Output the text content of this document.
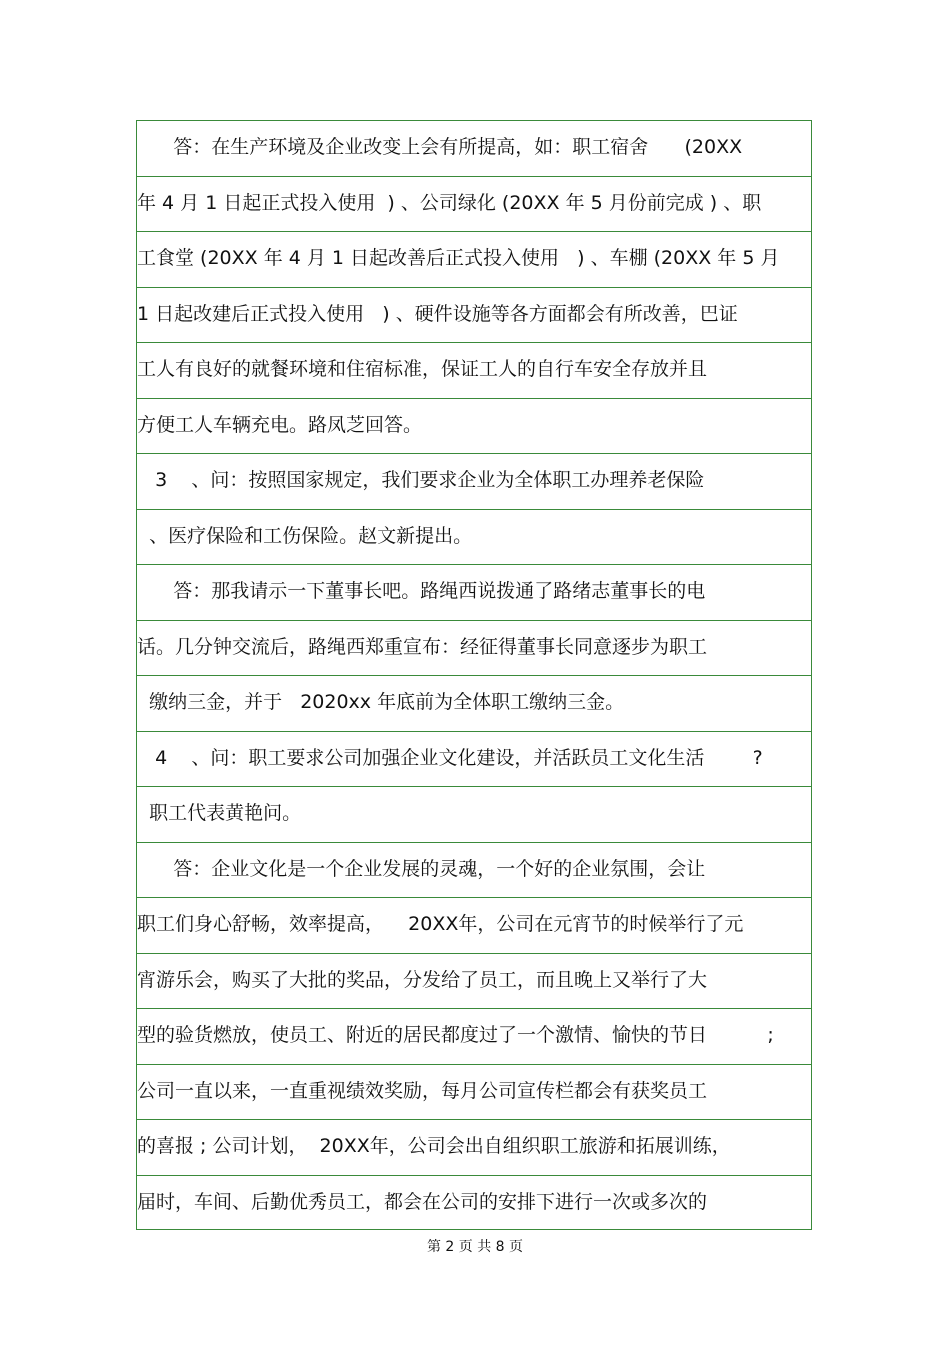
答：在生产环境及企业改变上会有所提高，如：职工宿舍      (20XX
年 4 月 1 日起正式投入使用  ) 、公司绿化 (20XX 年 5 月份前完成 ) 、职
工食堂 (20XX 年 4 月 1 日起改善后正式投入使用   ) 、车棚 (20XX 年 5 月
1 日起改建后正式投入使用   ) 、硬件设施等各方面都会有所改善，巴证
工人有良好的就餐环境和住宿标准，保证工人的自行车安全存放并且
方便工人车辆充电。路凤芝回答。
3    、问：按照国家规定，我们要求企业为全体职工办理养老保险
、医疗保险和工伤保险。赵文新提出。
答：那我请示一下董事长吧。路绳西说拨通了路绪志董事长的电
话。几分钟交流后，路绳西郑重宣布：经征得董事长同意逐步为职工
缴纳三金，并于   2020xx 年底前为全体职工缴纳三金。
4    、问：职工要求公司加强企业文化建设，并活跃员工文化生活        ?
职工代表黄艳问。
答：企业文化是一个企业发展的灵魂，一个好的企业氛围，会让
职工们身心舒畅，效率提高，    20XX年，公司在元宵节的时候举行了元
宵游乐会，购买了大批的奖品，分发给了员工，而且晚上又举行了大
型的验货燃放，使员工、附近的居民都度过了一个激情、愉快的节日          ;
公司一直以来，一直重视绩效奖励，每月公司宣传栏都会有获奖员工
的喜报 ; 公司计划，  20XX年，公司会出自组织职工旅游和拓展训练，
届时，车间、后勤优秀员工，都会在公司的安排下进行一次或多次的
第 2 页 共 8 页
